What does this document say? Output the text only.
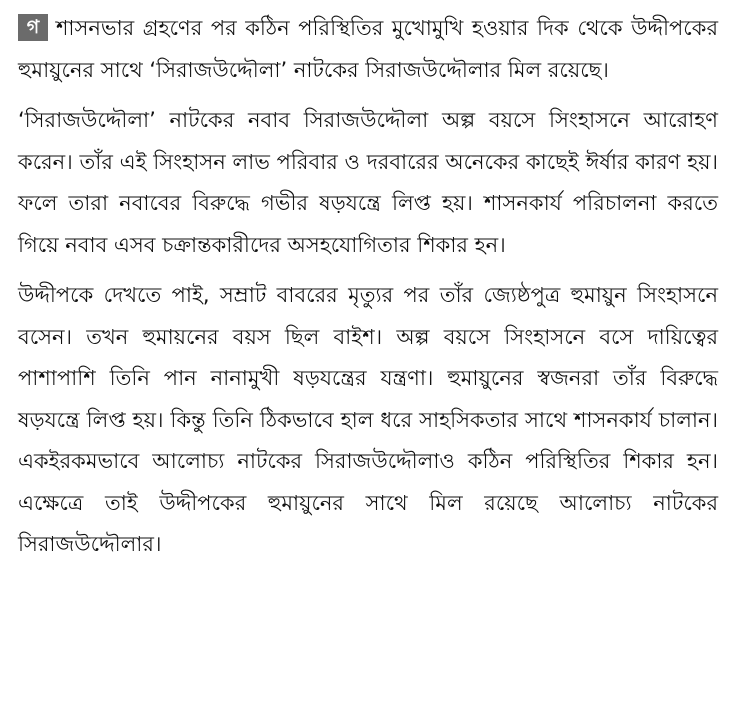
গ শাসনভার গ্রহণের পর কঠিন পরিস্থিতির মুখোমুখি হওয়ার দিক থেকে উদ্দীপকের হুমায়ুনের সাথে ‘সিরাজউদ্দৌলা’ নাটকের সিরাজউদ্দৌলার মিল রয়েছে।

‘সিরাজউদ্দৌলা’ নাটকের নবাব সিরাজউদ্দৌলা অল্প বয়সে সিংহাসনে আরোহণ করেন। তাঁর এই সিংহাসন লাভ পরিবার ও দরবারের অনেকের কাছেই ঈর্ষার কারণ হয়। ফলে তারা নবাবের বিরুদ্ধে গভীর ষড়যন্ত্রে লিপ্ত হয়। শাসনকার্য পরিচালনা করতে গিয়ে নবাব এসব চক্রান্তকারীদের অসহযোগিতার শিকার হন।

উদ্দীপকে দেখতে পাই, সম্রাট বাবরের মৃত্যুর পর তাঁর জ্যেষ্ঠপুত্র হুমায়ুন সিংহাসনে বসেন। তখন হুমায়নের বয়স ছিল বাইশ। অল্প বয়সে সিংহাসনে বসে দায়িত্বের পাশাপাশি তিনি পান নানামুখী ষড়যন্ত্রের যন্ত্রণা। হুমায়ুনের স্বজনরা তাঁর বিরুদ্ধে ষড়যন্ত্রে লিপ্ত হয়। কিন্তু তিনি ঠিকভাবে হাল ধরে সাহসিকতার সাথে শাসনকার্য চালান। একইরকমভাবে আলোচ্য নাটকের সিরাজউদ্দৌলাও কঠিন পরিস্থিতির শিকার হন। এক্ষেত্রে তাই উদ্দীপকের হুমায়ুনের সাথে মিল রয়েছে আলোচ্য নাটকের সিরাজউদ্দৌলার।
